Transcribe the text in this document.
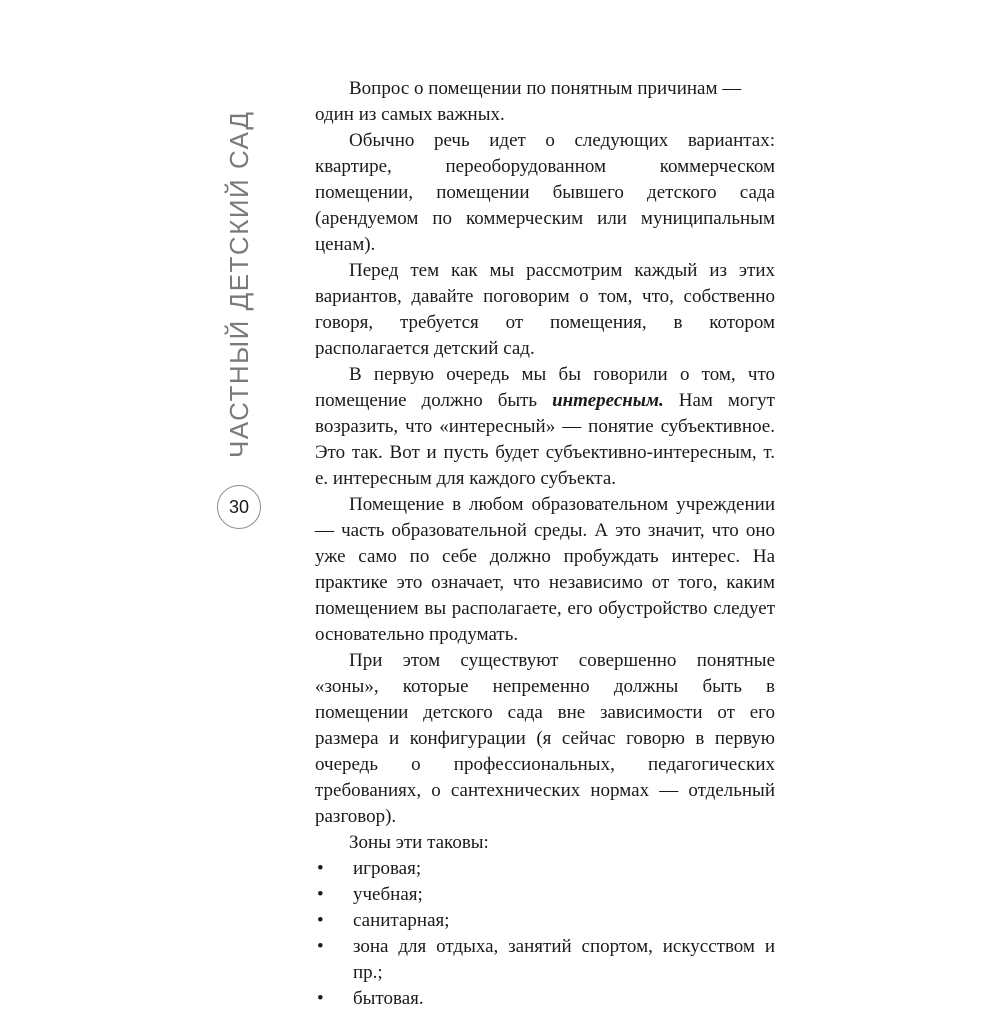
ЧАСТНЫЙ ДЕТСКИЙ САД
30

Вопрос о помещении по понятным причинам — один из самых важных.

Обычно речь идет о следующих вариантах: квартире, переоборудованном коммерческом помещении, помещении бывшего детского сада (арендуемом по коммерческим или муниципальным ценам).

Перед тем как мы рассмотрим каждый из этих вариантов, давайте поговорим о том, что, собственно говоря, требуется от помещения, в котором располагается детский сад.

В первую очередь мы бы говорили о том, что помещение должно быть интересным. Нам могут возразить, что «интересный» — понятие субъективное. Это так. Вот и пусть будет субъективно-интересным, т. е. интересным для каждого субъекта.

Помещение в любом образовательном учреждении — часть образовательной среды. А это значит, что оно уже само по себе должно пробуждать интерес. На практике это означает, что независимо от того, каким помещением вы располагаете, его обустройство следует основательно продумать.

При этом существуют совершенно понятные «зоны», которые непременно должны быть в помещении детского сада вне зависимости от его размера и конфигурации (я сейчас говорю в первую очередь о профессиональных, педагогических требованиях, о сантехнических нормах — отдельный разговор).

Зоны эти таковы:

• игровая;
• учебная;
• санитарная;
• зона для отдыха, занятий спортом, искусством и пр.;
• бытовая.
